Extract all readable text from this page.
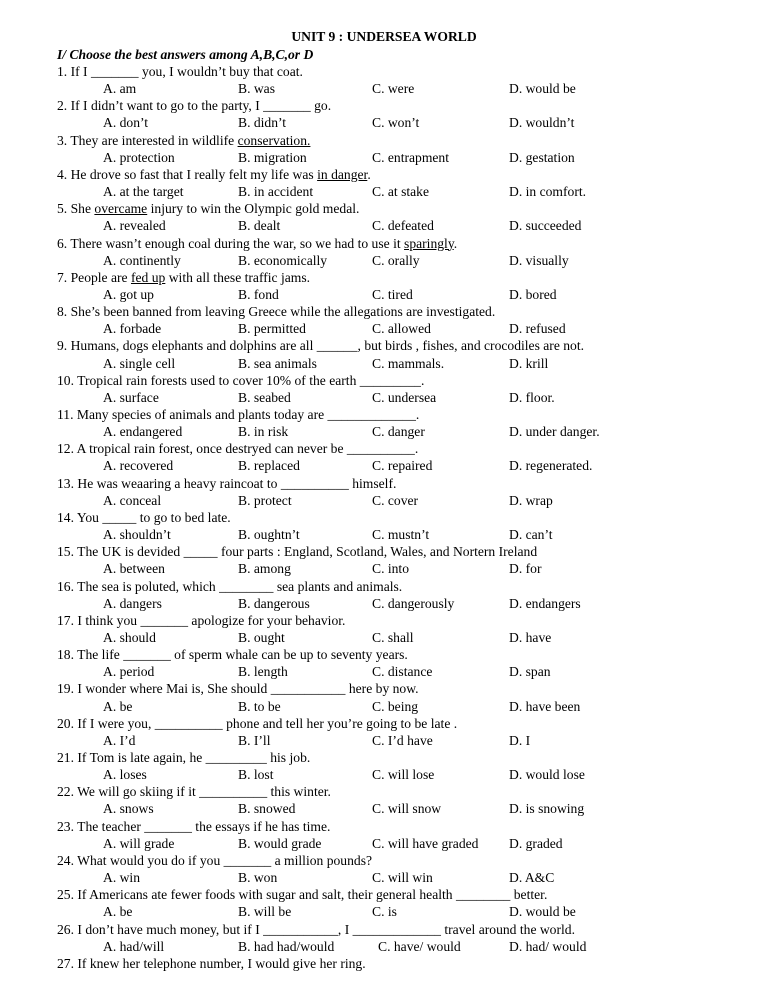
UNIT 9 : UNDERSEA WORLD
I/ Choose the best answers among A,B,C,or D
1. If I _______ you, I wouldn’t buy that coat.
A. am	B. was	C. were	D. would be
2. If I didn’t want to go to the party, I _______ go.
A. don’t	B. didn’t	C. won’t	D. wouldn’t
3. They are interested in wildlife conservation.
A. protection	B. migration	C. entrapment	D. gestation
4. He drove so fast that I really felt my life was in danger.
A. at the target	B. in accident	C. at stake	D. in comfort.
5. She overcame injury to win the Olympic gold medal.
A. revealed	B. dealt	C. defeated	D. succeeded
6. There wasn’t enough coal during the war, so we had to use it sparingly.
A. continently	B. economically	C. orally	D. visually
7. People are fed up with all these traffic jams.
A. got up	B. fond	C. tired	D. bored
8. She’s been banned from leaving Greece while the allegations are investigated.
A. forbade	B. permitted	C. allowed	D. refused
9. Humans, dogs elephants and dolphins are all ______, but birds , fishes, and crocodiles are not.
A. single cell	B. sea animals	C. mammals.	D. krill
10. Tropical rain forests used to cover 10% of the earth _________.
A. surface	B. seabed	C. undersea	D. floor.
11. Many species of animals and plants today are _____________.
A. endangered	B. in risk	C. danger	D. under danger.
12. A tropical rain forest, once destryed can never be __________.
A. recovered	B. replaced	C. repaired	D. regenerated.
13. He was weaaring a heavy raincoat to __________ himself.
A. conceal	B. protect	C. cover	D. wrap
14. You _____ to go to bed late.
A. shouldn’t	B. oughtn’t	C. mustn’t	D. can’t
15. The UK is devided _____ four parts : England, Scotland, Wales, and Nortern Ireland
A. between	B. among	C. into	D. for
16. The sea is poluted, which ________ sea plants and animals.
A. dangers	B. dangerous	C. dangerously	D. endangers
17. I think you _______ apologize for your behavior.
A. should	B. ought	C. shall	D. have
18. The life _______ of sperm whale can be up to seventy years.
A. period	B. length	C. distance	D. span
19. I wonder where Mai is, She should ___________ here by now.
A. be	B. to be	C. being	D. have been
20. If I were you, __________ phone and tell her you’re going to be late .
A. I’d	B. I’ll	C. I’d have	D. I
21. If Tom is late again, he _________ his job.
A. loses	B. lost	C. will lose	D. would lose
22. We will go skiing if it __________ this winter.
A. snows	B. snowed	C. will snow	D. is snowing
23. The teacher _______ the essays if he has time.
A. will grade	B. would grade	C. will have graded D. graded
24. What would you do if you _______ a million pounds?
A. win	B. won	C. will win	D. A&C
25. If Americans ate fewer foods with sugar and salt, their general health ________ better.
A. be	B. will be	C. is	D. would be
26. I don’t have much money, but if I ___________, I _____________ travel around the world.
A. had/will	B. had had/would	C. have/ would	D. had/ would
27. If knew her telephone number, I would give her ring.
